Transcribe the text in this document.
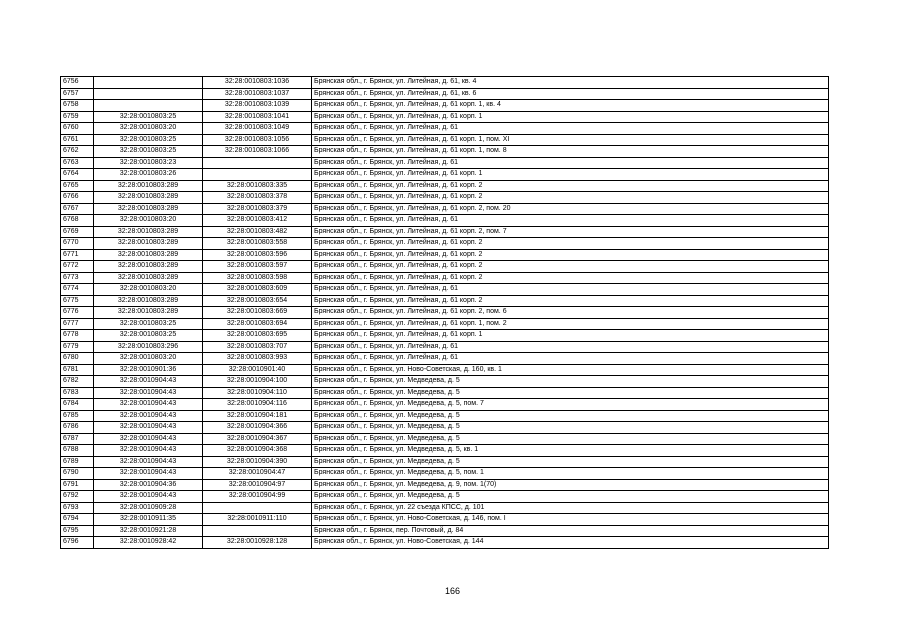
6756		32:28:0010803:1036	Брянская обл., г. Брянск, ул. Литейная, д. 61, кв. 4
6757		32:28:0010803:1037	Брянская обл., г. Брянск, ул. Литейная, д. 61, кв. 6
6758		32:28:0010803:1039	Брянская обл., г. Брянск, ул. Литейная, д. 61 корп. 1, кв. 4
6759	32:28:0010803:25	32:28:0010803:1041	Брянская обл., г. Брянск, ул. Литейная, д. 61 корп. 1
6760	32:28:0010803:20	32:28:0010803:1049	Брянская обл., г. Брянск, ул. Литейная, д. 61
6761	32:28:0010803:25	32:28:0010803:1056	Брянская обл., г. Брянск, ул. Литейная, д. 61 корп. 1, пом. XI
6762	32:28:0010803:25	32:28:0010803:1066	Брянская обл., г. Брянск, ул. Литейная, д. 61 корп. 1, пом. 8
6763	32:28:0010803:23		Брянская обл., г. Брянск, ул. Литейная, д. 61
6764	32:28:0010803:26		Брянская обл., г. Брянск, ул. Литейная, д. 61 корп. 1
6765	32:28:0010803:289	32:28:0010803:335	Брянская обл., г. Брянск, ул. Литейная, д. 61 корп. 2
6766	32:28:0010803:289	32:28:0010803:378	Брянская обл., г. Брянск, ул. Литейная, д. 61 корп. 2
6767	32:28:0010803:289	32:28:0010803:379	Брянская обл., г. Брянск, ул. Литейная, д. 61 корп. 2, пом. 20
6768	32:28:0010803:20	32:28:0010803:412	Брянская обл., г. Брянск, ул. Литейная, д. 61
6769	32:28:0010803:289	32:28:0010803:482	Брянская обл., г. Брянск, ул. Литейная, д. 61 корп. 2, пом. 7
6770	32:28:0010803:289	32:28:0010803:558	Брянская обл., г. Брянск, ул. Литейная, д. 61 корп. 2
6771	32:28:0010803:289	32:28:0010803:596	Брянская обл., г. Брянск, ул. Литейная, д. 61 корп. 2
6772	32:28:0010803:289	32:28:0010803:597	Брянская обл., г. Брянск, ул. Литейная, д. 61 корп. 2
6773	32:28:0010803:289	32:28:0010803:598	Брянская обл., г. Брянск, ул. Литейная, д. 61 корп. 2
6774	32:28:0010803:20	32:28:0010803:609	Брянская обл., г. Брянск, ул. Литейная, д. 61
6775	32:28:0010803:289	32:28:0010803:654	Брянская обл., г. Брянск, ул. Литейная, д. 61 корп. 2
6776	32:28:0010803:289	32:28:0010803:669	Брянская обл., г. Брянск, ул. Литейная, д. 61 корп. 2, пом. 6
6777	32:28:0010803:25	32:28:0010803:694	Брянская обл., г. Брянск, ул. Литейная, д. 61 корп. 1, пом. 2
6778	32:28:0010803:25	32:28:0010803:695	Брянская обл., г. Брянск, ул. Литейная, д. 61 корп. 1
6779	32:28:0010803:296	32:28:0010803:707	Брянская обл., г. Брянск, ул. Литейная, д. 61
6780	32:28:0010803:20	32:28:0010803:993	Брянская обл., г. Брянск, ул. Литейная, д. 61
6781	32:28:0010901:36	32:28:0010901:40	Брянская обл., г. Брянск, ул. Ново-Советская, д. 160, кв. 1
6782	32:28:0010904:43	32:28:0010904:100	Брянская обл., г. Брянск, ул. Медведева, д. 5
6783	32:28:0010904:43	32:28:0010904:110	Брянская обл., г. Брянск, ул. Медведева, д. 5
6784	32:28:0010904:43	32:28:0010904:116	Брянская обл., г. Брянск, ул. Медведева, д. 5, пом. 7
6785	32:28:0010904:43	32:28:0010904:181	Брянская обл., г. Брянск, ул. Медведева, д. 5
6786	32:28:0010904:43	32:28:0010904:366	Брянская обл., г. Брянск, ул. Медведева, д. 5
6787	32:28:0010904:43	32:28:0010904:367	Брянская обл., г. Брянск, ул. Медведева, д. 5
6788	32:28:0010904:43	32:28:0010904:368	Брянская обл., г. Брянск, ул. Медведева, д. 5, кв. 1
6789	32:28:0010904:43	32:28:0010904:390	Брянская обл., г. Брянск, ул. Медведева, д. 5
6790	32:28:0010904:43	32:28:0010904:47	Брянская обл., г. Брянск, ул. Медведева, д. 5, пом. 1
6791	32:28:0010904:36	32:28:0010904:97	Брянская обл., г. Брянск, ул. Медведева, д. 9, пом. 1(70)
6792	32:28:0010904:43	32:28:0010904:99	Брянская обл., г. Брянск, ул. Медведева, д. 5
6793	32:28:0010909:28		Брянская обл., г. Брянск, ул. 22 съезда КПСС, д. 101
6794	32:28:0010911:35	32:28:0010911:110	Брянская обл., г. Брянск, ул. Ново-Советская, д. 146, пом. I
6795	32:28:0010921:28		Брянская обл., г. Брянск, пер. Почтовый, д. 84
6796	32:28:0010928:42	32:28:0010928:128	Брянская обл., г. Брянск, ул. Ново-Советская, д. 144
166
